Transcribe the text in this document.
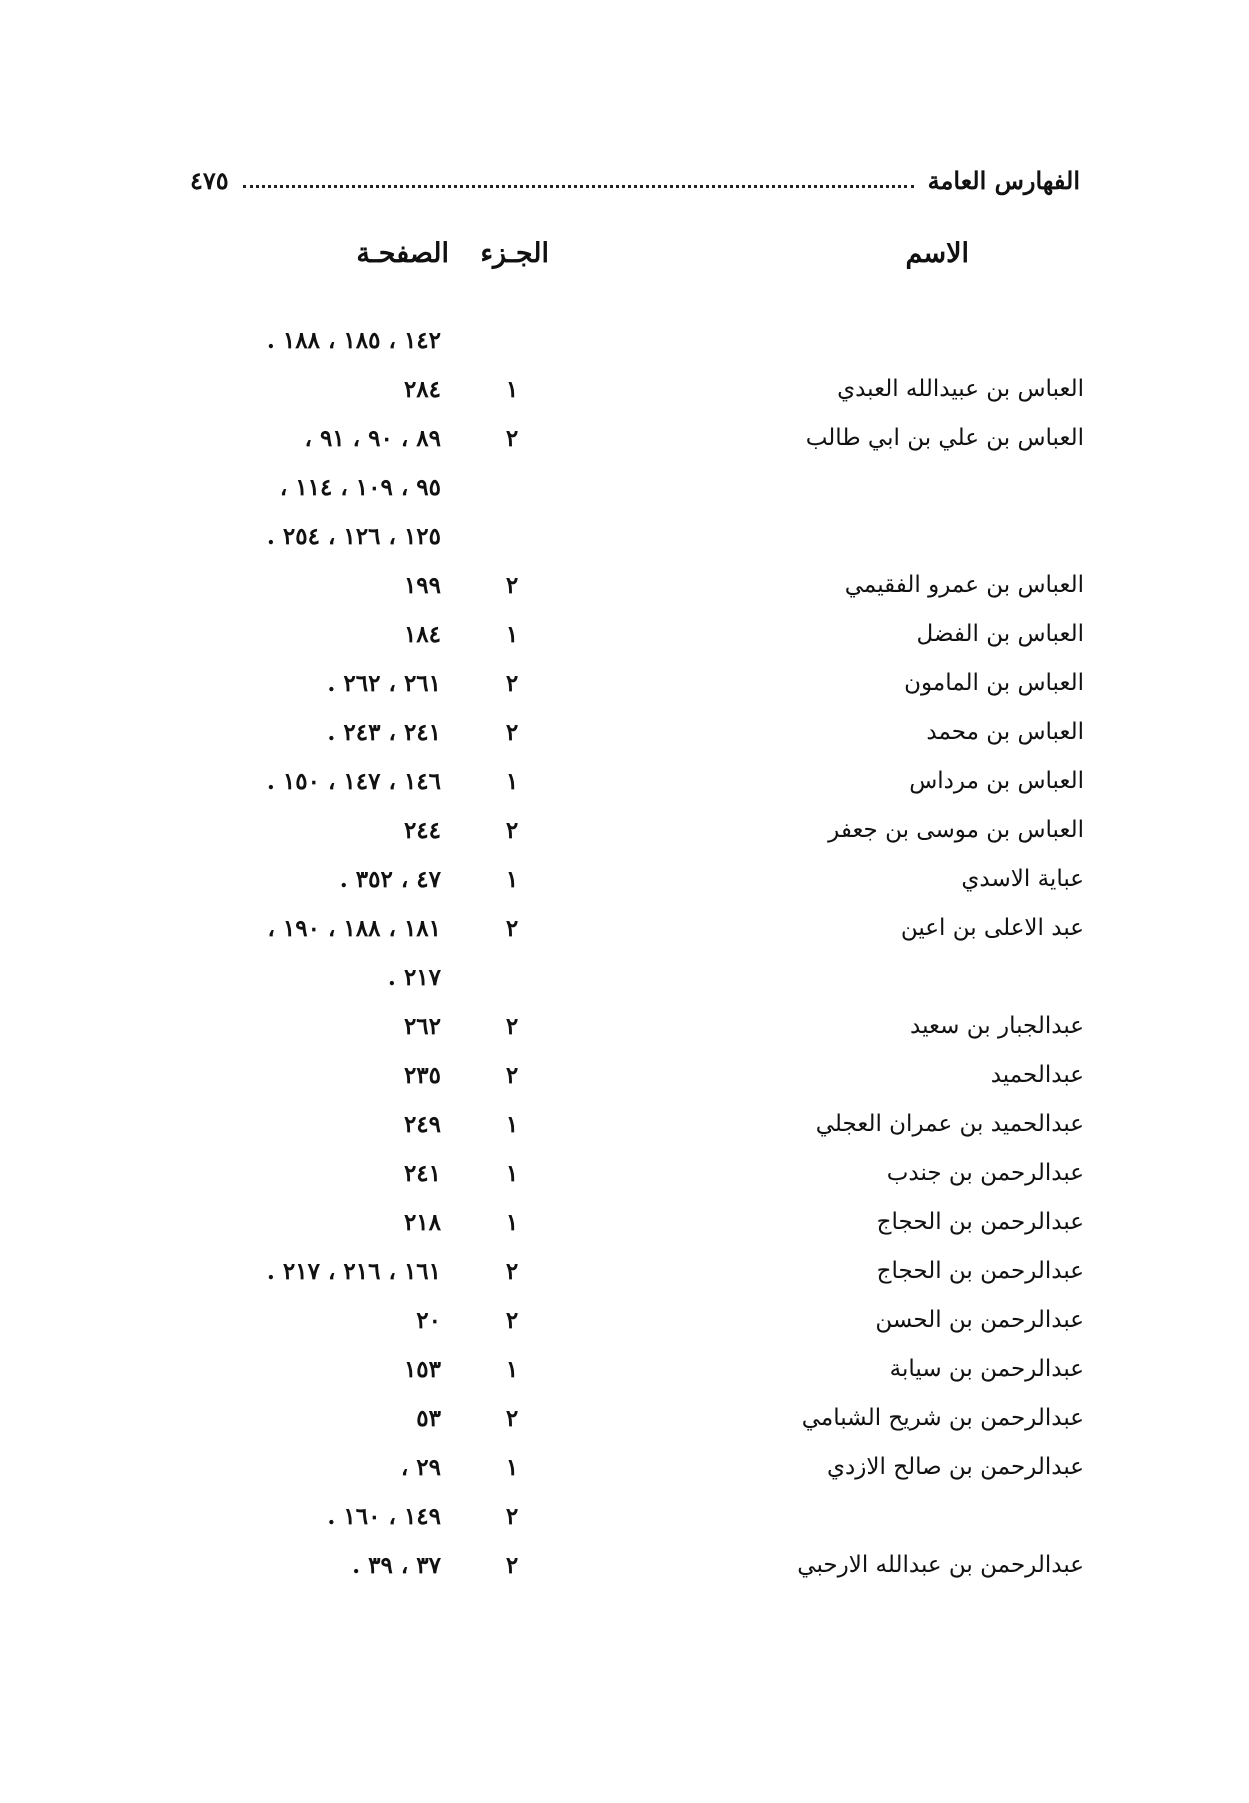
الفهارس العامة
٤٧٥
الاسم
الجـزء
الصفحـة
١٤٢ ، ١٨٥ ، ١٨٨ .
العباس بن عبيدالله العبدي
١
٢٨٤
العباس بن علي بن ابي طالب
٢
٨٩ ، ٩٠ ، ٩١ ،
٩٥ ، ١٠٩ ، ١١٤ ،
١٢٥ ، ١٢٦ ، ٢٥٤ .
العباس بن عمرو الفقيمي
٢
١٩٩
العباس بن الفضل
١
١٨٤
العباس بن المامون
٢
٢٦١ ، ٢٦٢ .
العباس بن محمد
٢
٢٤١ ، ٢٤٣ .
العباس بن مرداس
١
١٤٦ ، ١٤٧ ، ١٥٠ .
العباس بن موسى بن جعفر
٢
٢٤٤
عباية الاسدي
١
٤٧ ، ٣٥٢ .
عبد الاعلى بن اعين
٢
١٨١ ، ١٨٨ ، ١٩٠ ،
٢١٧ .
عبدالجبار بن سعيد
٢
٢٦٢
عبدالحميد
٢
٢٣٥
عبدالحميد بن عمران العجلي
١
٢٤٩
عبدالرحمن بن جندب
١
٢٤١
عبدالرحمن بن الحجاج
١
٢١٨
عبدالرحمن بن الحجاج
٢
١٦١ ، ٢١٦ ، ٢١٧ .
عبدالرحمن بن الحسن
٢
٢٠
عبدالرحمن بن سيابة
١
١٥٣
عبدالرحمن بن شريح الشبامي
٢
٥٣
عبدالرحمن بن صالح الازدي
١
٢٩ ،
٢
١٤٩ ، ١٦٠ .
عبدالرحمن بن عبدالله الارحبي
٢
٣٧ ، ٣٩ .
